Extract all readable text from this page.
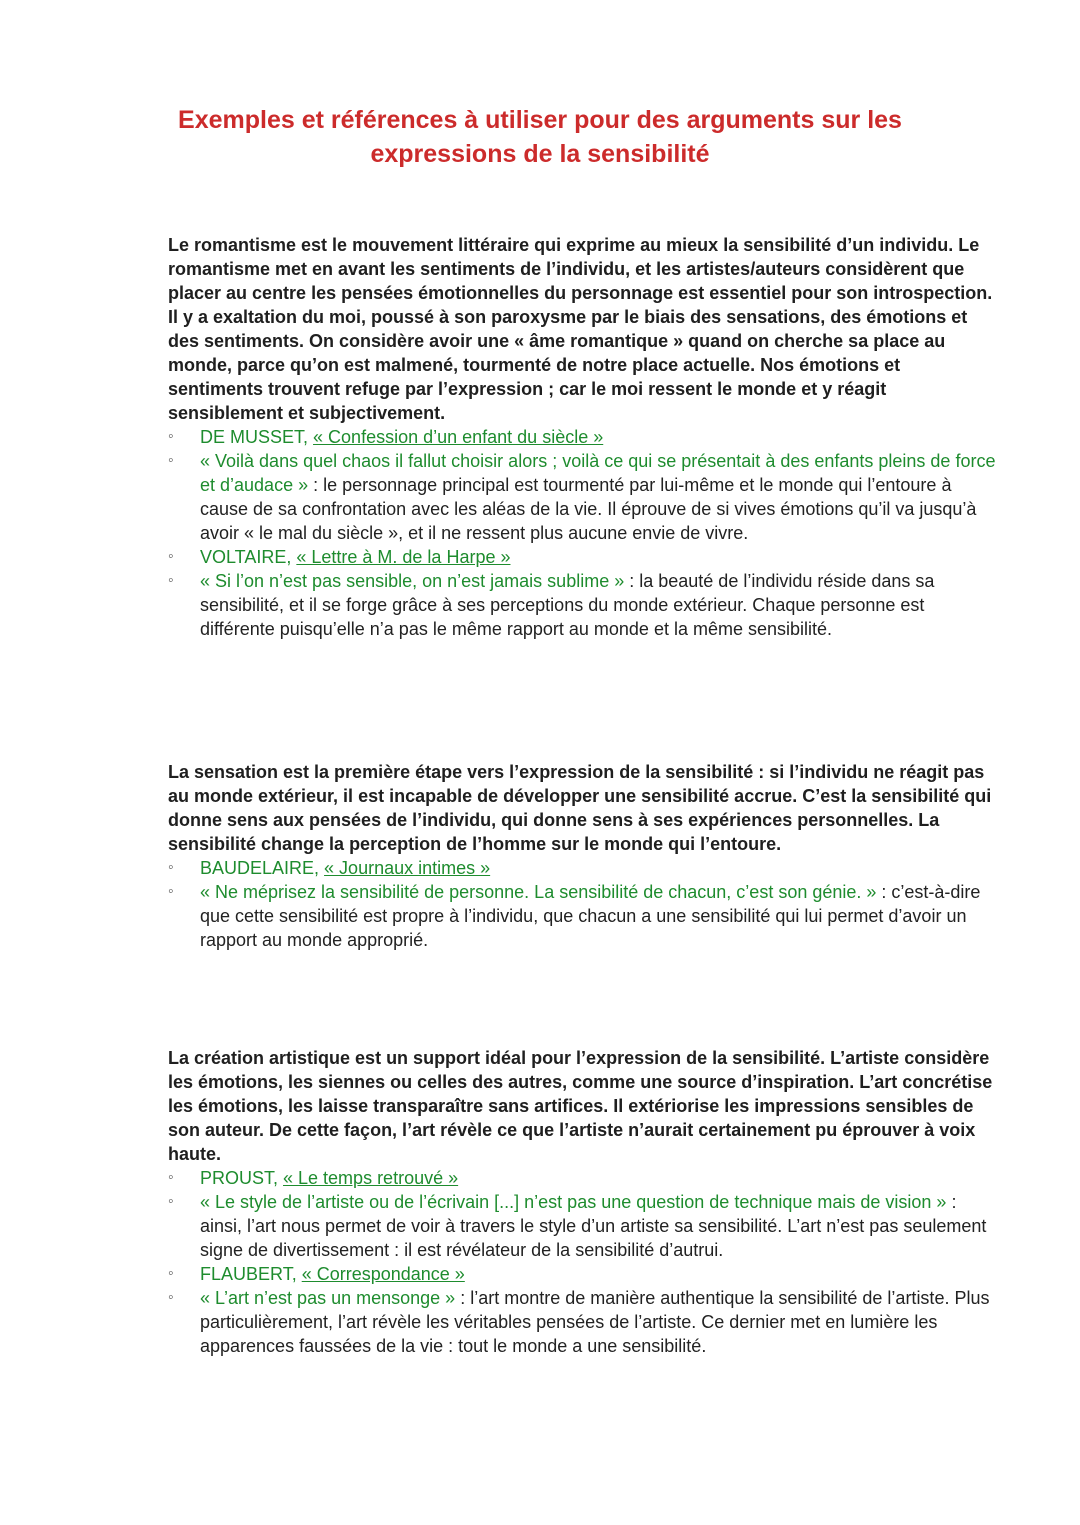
Exemples et références à utiliser pour des arguments sur les
expressions de la sensibilité

Le romantisme est le mouvement littéraire qui exprime au mieux la sensibilité d’un individu. Le romantisme met en avant les sentiments de l’individu, et les artistes/auteurs considèrent que placer au centre les pensées émotionnelles du personnage est essentiel pour son introspection. Il y a exaltation du moi, poussé à son paroxysme par le biais des sensations, des émotions et des sentiments. On considère avoir une « âme romantique » quand on cherche sa place au monde, parce qu’on est malmené, tourmenté de notre place actuelle. Nos émotions et sentiments trouvent refuge par l’expression ; car le moi ressent le monde et y réagit sensiblement et subjectivement.

◦ DE MUSSET, « Confession d’un enfant du siècle »
◦ « Voilà dans quel chaos il fallut choisir alors ; voilà ce qui se présentait à des enfants pleins de force et d’audace » : le personnage principal est tourmenté par lui-même et le monde qui l’entoure à cause de sa confrontation avec les aléas de la vie. Il éprouve de si vives émotions qu’il va jusqu’à avoir « le mal du siècle », et il ne ressent plus aucune envie de vivre.
◦ VOLTAIRE, « Lettre à M. de la Harpe »
◦ « Si l’on n’est pas sensible, on n’est jamais sublime » : la beauté de l’individu réside dans sa sensibilité, et il se forge grâce à ses perceptions du monde extérieur. Chaque personne est différente puisqu’elle n’a pas le même rapport au monde et la même sensibilité.

La sensation est la première étape vers l’expression de la sensibilité : si l’individu ne réagit pas au monde extérieur, il est incapable de développer une sensibilité accrue. C’est la sensibilité qui donne sens aux pensées de l’individu, qui donne sens à ses expériences personnelles. La sensibilité change la perception de l’homme sur le monde qui l’entoure.

◦ BAUDELAIRE, « Journaux intimes »
◦ « Ne méprisez la sensibilité de personne. La sensibilité de chacun, c’est son génie. » : c’est-à-dire que cette sensibilité est propre à l’individu, que chacun a une sensibilité qui lui permet d’avoir un rapport au monde approprié.

La création artistique est un support idéal pour l’expression de la sensibilité. L’artiste considère les émotions, les siennes ou celles des autres, comme une source d’inspiration. L’art concrétise les émotions, les laisse transparaître sans artifices. Il extériorise les impressions sensibles de son auteur. De cette façon, l’art révèle ce que l’artiste n’aurait certainement pu éprouver à voix haute.

◦ PROUST, « Le temps retrouvé »
◦ « Le style de l’artiste ou de l’écrivain [...] n’est pas une question de technique mais de vision » : ainsi, l’art nous permet de voir à travers le style d’un artiste sa sensibilité. L’art n’est pas seulement signe de divertissement : il est révélateur de la sensibilité d’autrui.
◦ FLAUBERT, « Correspondance »
◦ « L’art n’est pas un mensonge » : l’art montre de manière authentique la sensibilité de l’artiste. Plus particulièrement, l’art révèle les véritables pensées de l’artiste. Ce dernier met en lumière les apparences faussées de la vie : tout le monde a une sensibilité.
